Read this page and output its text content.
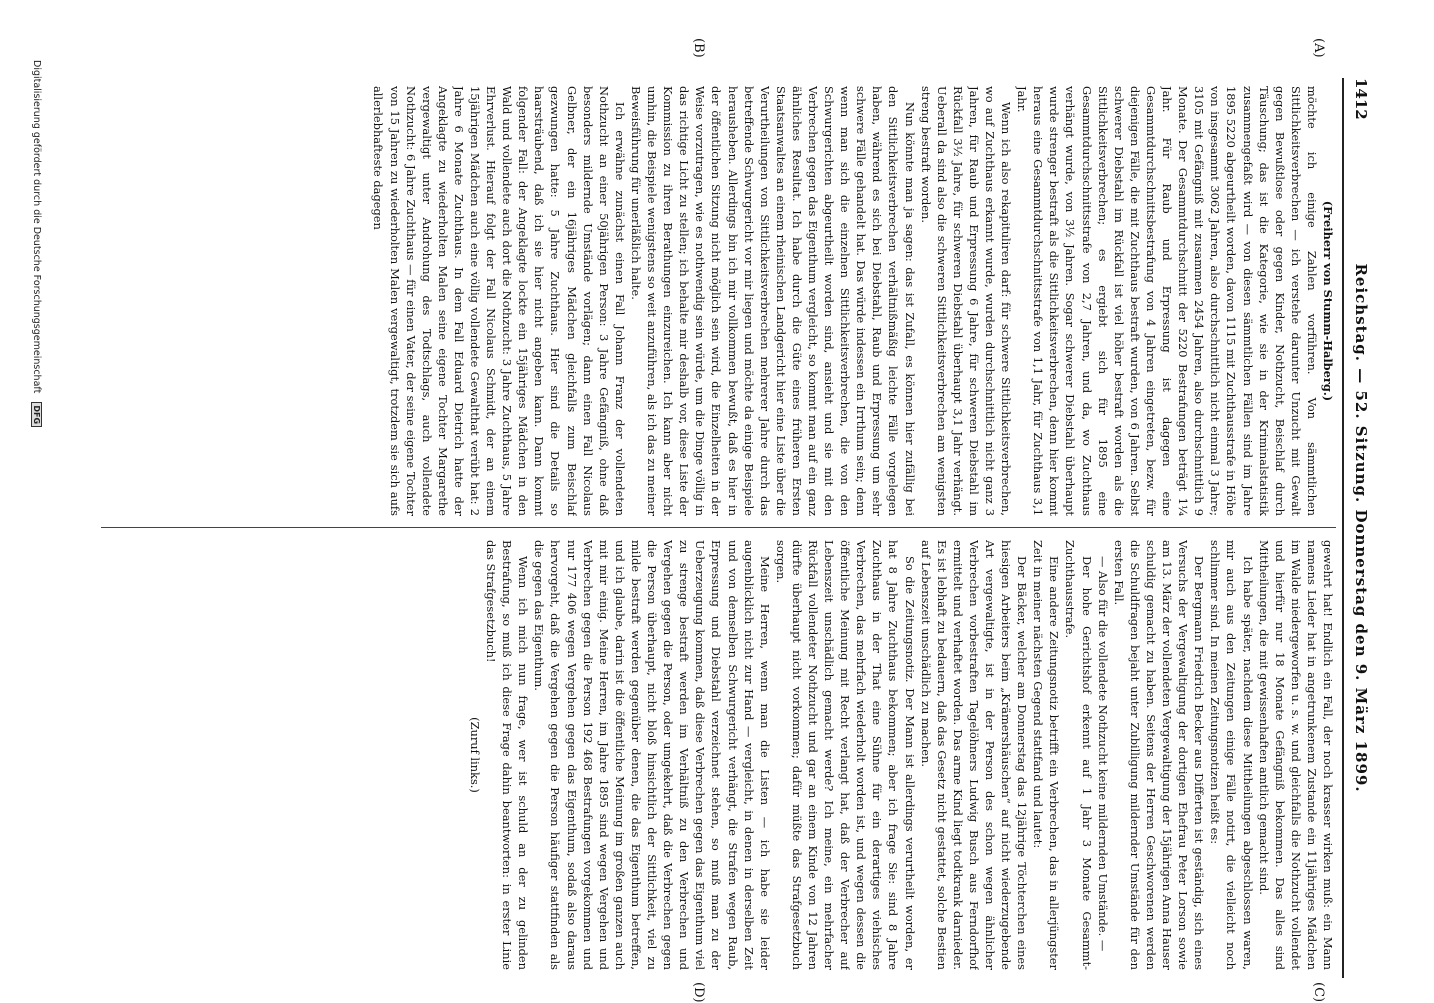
1412
Reichstag. — 52. Sitzung. Donnerstag den 9. März 1899.
(A)
(B)
(C)
(D)

(Freiherr von Stumm-Halberg.)

möchte ich einige Zahlen vorführen. Von sämmtlichen Sittlichkeitsverbrechen — ich verstehe darunter Unzucht mit Gewalt gegen Bewußtlose oder gegen Kinder, Nothzucht, Beischlaf durch Täuschung; das ist die Kategorie, wie sie in der Kriminalstatistik zusammengefaßt wird — von diesen sämmtlichen Fällen sind im Jahre 1895 5220 abgeurtheilt worden, davon 1115 mit Zuchthausstrafe in Höhe von insgesammt 3062 Jahren, also durchschnittlich nicht einmal 3 Jahre; 3105 mit Gefängniß mit zusammen 2454 Jahren, also durchschnittlich 9 Monate. Der Gesammtdurchschnitt der 5220 Bestrafungen beträgt 1¼ Jahr. Für Raub und Erpressung ist dagegen eine Gesammtdurchschnittsbestrafung von 4 Jahren eingetreten, bezw. für diejenigen Fälle, die mit Zuchthaus bestraft wurden, von 6 Jahren. Selbst schwerer Diebstahl im Rückfall ist viel höher bestraft worden als die Sittlichkeitsverbrechen; es ergiebt sich für 1895 eine Gesammtdurchschnittsstrafe von 2,7 Jahren, und da, wo Zuchthaus verhängt wurde, von 3½ Jahren. Sogar schwerer Diebstahl überhaupt wurde strenger bestraft als die Sittlichkeitsverbrechen, denn hier kommt heraus eine Gesammtdurchschnittsstrafe von 1,1 Jahr, für Zuchthaus 3,1 Jahr.

Wenn ich also rekapituliren darf: für schwere Sittlichkeitsverbrechen, wo auf Zuchthaus erkannt wurde, wurden durchschnittlich nicht ganz 3 Jahren, für Raub und Erpressung 6 Jahre, für schweren Diebstahl im Rückfall 3½ Jahre, für schweren Diebstahl überhaupt 3,1 Jahr verhängt. Ueberall da sind also die schweren Sittlichkeitsverbrechen am wenigsten streng bestraft worden.

Nun könnte man ja sagen: das ist Zufall, es können hier zufällig bei den Sittlichkeitsverbrechen verhältnißmäßig leichte Fälle vorgelegen haben, während es sich bei Diebstahl, Raub und Erpressung um sehr schwere Fälle gehandelt hat. Das würde indessen ein Irrthum sein; denn wenn man sich die einzelnen Sittlichkeitsverbrechen, die von den Schwurgerichten abgeurtheilt worden sind, ansieht und sie mit den Verbrechen gegen das Eigenthum vergleicht, so kommt man auf ein ganz ähnliches Resultat. Ich habe durch die Güte eines früheren Ersten Staatsanwaltes an einem rheinischen Landgericht hier eine Liste über die Verurtheilungen von Sittlichkeitsverbrechen mehrerer Jahre durch das betreffende Schwurgericht vor mir liegen und möchte da einige Beispiele herausheben. Allerdings bin ich mir vollkommen bewußt, daß es hier in der öffentlichen Sitzung nicht möglich sein wird, die Einzelheiten in der Weise vorzutragen, wie es nothwendig sein würde, um die Dinge völlig in das richtige Licht zu stellen; ich behalte mir deshalb vor, diese Liste der Kommission zu ihren Berathungen einzureichen. Ich kann aber nicht umhin, die Beispiele wenigstens so weit anzuführen, als ich das zu meiner Beweisführung für unerläßlich halte.

Ich erwähne zunächst einen Fall Johann Franz der vollendeten Nothzucht an einer 50jährigen Person: 3 Jahre Gefängniß, ohne daß besonders mildernde Umstände vorlägen; dann einen Fall Nicolaus Gelbner, der ein 16jähriges Mädchen gleichfalls zum Beischlaf gezwungen hatte: 5 Jahre Zuchthaus. Hier sind die Details so haarsträubend, daß ich sie hier nicht angeben kann. Dann kommt folgender Fall: der Angeklagte lockte ein 15jähriges Mädchen in den Wald und vollendete auch dort die Nothzucht: 3 Jahre Zuchthaus, 5 Jahre Ehrverlust. Hierauf folgt der Fall Nicolaus Schmidt, der an einem 15jährigen Mädchen auch eine völlig vollendete Gewaltthat verübt hat: 2 Jahre 6 Monate Zuchthaus. In dem Fall Eduard Dietrich hatte der Angeklagte zu wiederholten Malen seine eigene Tochter Margarethe vergewaltigt unter Androhung des Todtschlags, auch vollendete Nothzucht: 6 Jahre Zuchthaus — für einen Vater, der seine eigene Tochter von 15 Jahren zu wiederholten Malen vergewaltigt, trotzdem sie sich aufs allerlebhafteste dagegen

gewehrt hat! Endlich ein Fall, der noch krasser wirken muß: ein Mann namens Lieder hat in angetrunkenem Zustande ein 11jähriges Mädchen im Walde niedergeworfen u. s. w. und gleichfalls die Nothzucht vollendet und hierfür nur 18 Monate Gefängniß bekommen. Das alles sind Mittheilungen, die mit gewissenhaften amtlich gemacht sind.

Ich habe später, nachdem diese Mittheilungen abgeschlossen waren, mir auch aus den Zeitungen einige Fälle notirt, die vielleicht noch schlimmer sind. In meinen Zeitungsnotizen heißt es:

Der Bergmann Friedrich Becker aus Differten ist geständig, sich eines Versuchs der Vergewaltigung der dortigen Ehefrau Peter Lorson sowie am 13. März der vollendeten Vergewaltigung der 15jährigen Anna Hauser schuldig gemacht zu haben. Seitens der Herren Geschworenen werden die Schuldfragen bejaht unter Zubilligung mildernder Umstände für den ersten Fall.

— Also für die vollendete Nothzucht keine mildernden Umstände. —

Der hohe Gerichtshof erkennt auf 1 Jahr 3 Monate Gesammt-Zuchthausstrafe.

Eine andere Zeitungsnotiz betrifft ein Verbrechen, das in allerjüngster Zeit in meiner nächsten Gegend stattfand und lautet:

Der Bäcker, welcher am Donnerstag das 12jährige Töchterchen eines hiesigen Arbeiters beim „Krämershäuschen“ auf nicht wiederzugebende Art vergewaltigte, ist in der Person des schon wegen ähnlicher Verbrechen vorbestraften Tagelöhners Ludwig Busch aus Ferndorfhof ermittelt und verhaftet worden. Das arme Kind liegt todtkrank darnieder. Es ist lebhaft zu bedauern, daß das Gesetz nicht gestattet, solche Bestien auf Lebenszeit unschädlich zu machen.

So die Zeitungsnotiz. Der Mann ist allerdings verurtheilt worden, er hat 8 Jahre Zuchthaus bekommen; aber ich frage Sie: sind 8 Jahre Zuchthaus in der That eine Sühne für ein derartiges viehisches Verbrechen, das mehrfach wiederholt worden ist, und wegen dessen die öffentliche Meinung mit Recht verlangt hat, daß der Verbrecher auf Lebenszeit unschädlich gemacht werde? Ich meine, ein mehrfacher Rückfall vollendeter Nothzucht und gar an einem Kinde von 12 Jahren dürfte überhaupt nicht vorkommen; dafür müßte das Strafgesetzbuch sorgen.

Meine Herren, wenn man die Listen — ich habe sie leider augenblicklich nicht zur Hand — vergleicht, in denen in derselben Zeit und von demselben Schwurgericht verhängt, die Strafen wegen Raub, Erpressung und Diebstahl verzeichnet stehen, so muß man zu der Ueberzeugung kommen, daß diese Verbrechen gegen das Eigenthum viel zu strenge bestraft werden im Verhältniß zu den Verbrechen und Vergehen gegen die Person, oder umgekehrt, daß die Verbrechen gegen die Person überhaupt, nicht bloß hinsichtlich der Sittlichkeit, viel zu milde bestraft werden gegenüber denen, die das Eigenthum betreffen, und ich glaube, darin ist die öffentliche Meinung im großen ganzen auch mit mir einig. Meine Herren, im Jahre 1895 sind wegen Vergehen und Verbrechen gegen die Person 192 468 Bestrafungen vorgekommen und nur 177 406 wegen Vergehen gegen das Eigenthum, sodaß also daraus hervorgeht, daß die Vergehen gegen die Person häufiger stattfinden als die gegen das Eigenthum.

Wenn ich mich nun frage, wer ist schuld an der zu gelinden Bestrafung, so muß ich diese Frage dahin beantworten: in erster Linie das Strafgesetzbuch!

(Zuruf links.)

Digitalisierung gefördert durch die Deutsche Forschungsgemeinschaft DFG
